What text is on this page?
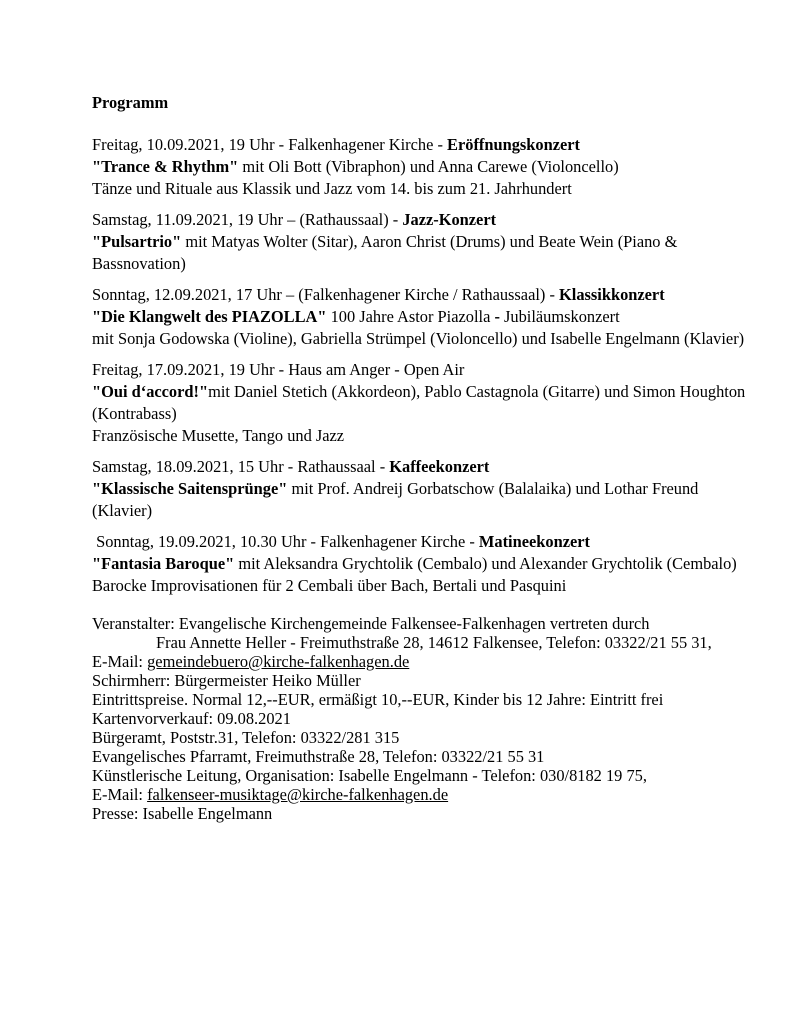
Programm
Freitag, 10.09.2021, 19 Uhr - Falkenhagener Kirche - Eröffnungskonzert
"Trance & Rhythm" mit Oli Bott (Vibraphon) und Anna Carewe (Violoncello)
Tänze und Rituale aus Klassik und Jazz vom 14. bis zum 21. Jahrhundert
Samstag, 11.09.2021, 19 Uhr – (Rathaussaal) - Jazz-Konzert
"Pulsartrio" mit Matyas Wolter (Sitar), Aaron Christ (Drums) und Beate Wein (Piano &
Bassnovation)
Sonntag, 12.09.2021, 17 Uhr – (Falkenhagener Kirche / Rathaussaal) - Klassikkonzert
"Die Klangwelt des PIAZOLLA" 100 Jahre Astor Piazolla - Jubiläumskonzert
mit Sonja Godowska (Violine), Gabriella Strümpel (Violoncello) und Isabelle Engelmann (Klavier)
Freitag, 17.09.2021, 19 Uhr - Haus am Anger - Open Air
"Oui d‘accord!"mit Daniel Stetich (Akkordeon), Pablo Castagnola (Gitarre) und Simon Houghton
(Kontrabass)
Französische Musette, Tango und Jazz
Samstag, 18.09.2021, 15 Uhr - Rathaussaal - Kaffeekonzert
"Klassische Saitensprünge" mit Prof. Andreij Gorbatschow (Balalaika) und Lothar Freund
(Klavier)
Sonntag, 19.09.2021, 10.30 Uhr - Falkenhagener Kirche - Matineekonzert
"Fantasia Baroque" mit Aleksandra Grychtolik (Cembalo) und Alexander Grychtolik (Cembalo)
Barocke Improvisationen für 2 Cembali über Bach, Bertali und Pasquini
Veranstalter: Evangelische Kirchengemeinde Falkensee-Falkenhagen vertreten durch
Frau Annette Heller - Freimuthstraße 28, 14612 Falkensee, Telefon: 03322/21 55 31,
E-Mail: gemeindebuero@kirche-falkenhagen.de
Schirmherr: Bürgermeister Heiko Müller
Eintrittspreise. Normal 12,--EUR, ermäßigt 10,--EUR, Kinder bis 12 Jahre: Eintritt frei
Kartenvorverkauf: 09.08.2021
Bürgeramt, Poststr.31, Telefon: 03322/281 315
Evangelisches Pfarramt, Freimuthstraße 28, Telefon: 03322/21 55 31
Künstlerische Leitung, Organisation: Isabelle Engelmann - Telefon: 030/8182 19 75,
E-Mail: falkenseer-musiktage@kirche-falkenhagen.de
Presse: Isabelle Engelmann
